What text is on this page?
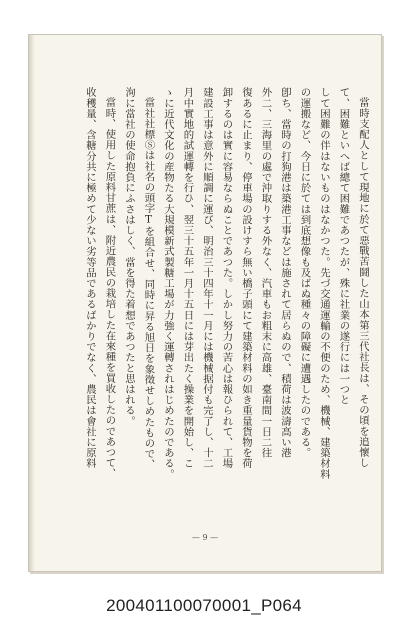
當時支配人として現地に於て惡戰苦鬪した山本第三代社長は、その頃を追懷し
て、困難といへば總て困難であつたが、殊に社業の遂行には一つと
して困難の伴はないものはなかつた。先づ交通運輸の不便のため、機械、建築材料
の運搬など、今日に於ては到底想像も及ばぬ種々の障礙に遭遇したのである。
卽ち、當時の打狗港は築港工事などは施されて居らぬので、積荷は波濤高い港
外二、三海里の處で沖取りする外なく、汽車もお粗末に高雄、臺南間一日二往
復あるに止まり、停車場の設けすら無い橋子頭にて建築材料の如き重量貨物を荷
卸するのは實に容易ならぬことであつた。しかし努力の苦心は報ひられて、工場
建設工事は意外に順調に運び、明治三十四年十一月には機械据付も完了し、十二
月中實地的試運轉を行ひ、翌三十五年一月十五日には芽出たく操業を開始し、こ
ゝに近代文化の産物たる大規模新式製糖工場が力強く運轉されはじめたのである。
當社社標Ⓢは社名の頭字Tを組合せ、同時に昇る旭日を象徵せしめたもので、
洵に當社の使命抱負にふさはしく、當を得た着想であつたと思はれる。
當時、使用した原料甘蔗は、附近農民の栽培した在來種を買收したのであつて、
收穫量、含糖分共に極めて少ない劣等品であるばかりでなく、農民は會社に原料
— 9 —
200401100070001_P064
